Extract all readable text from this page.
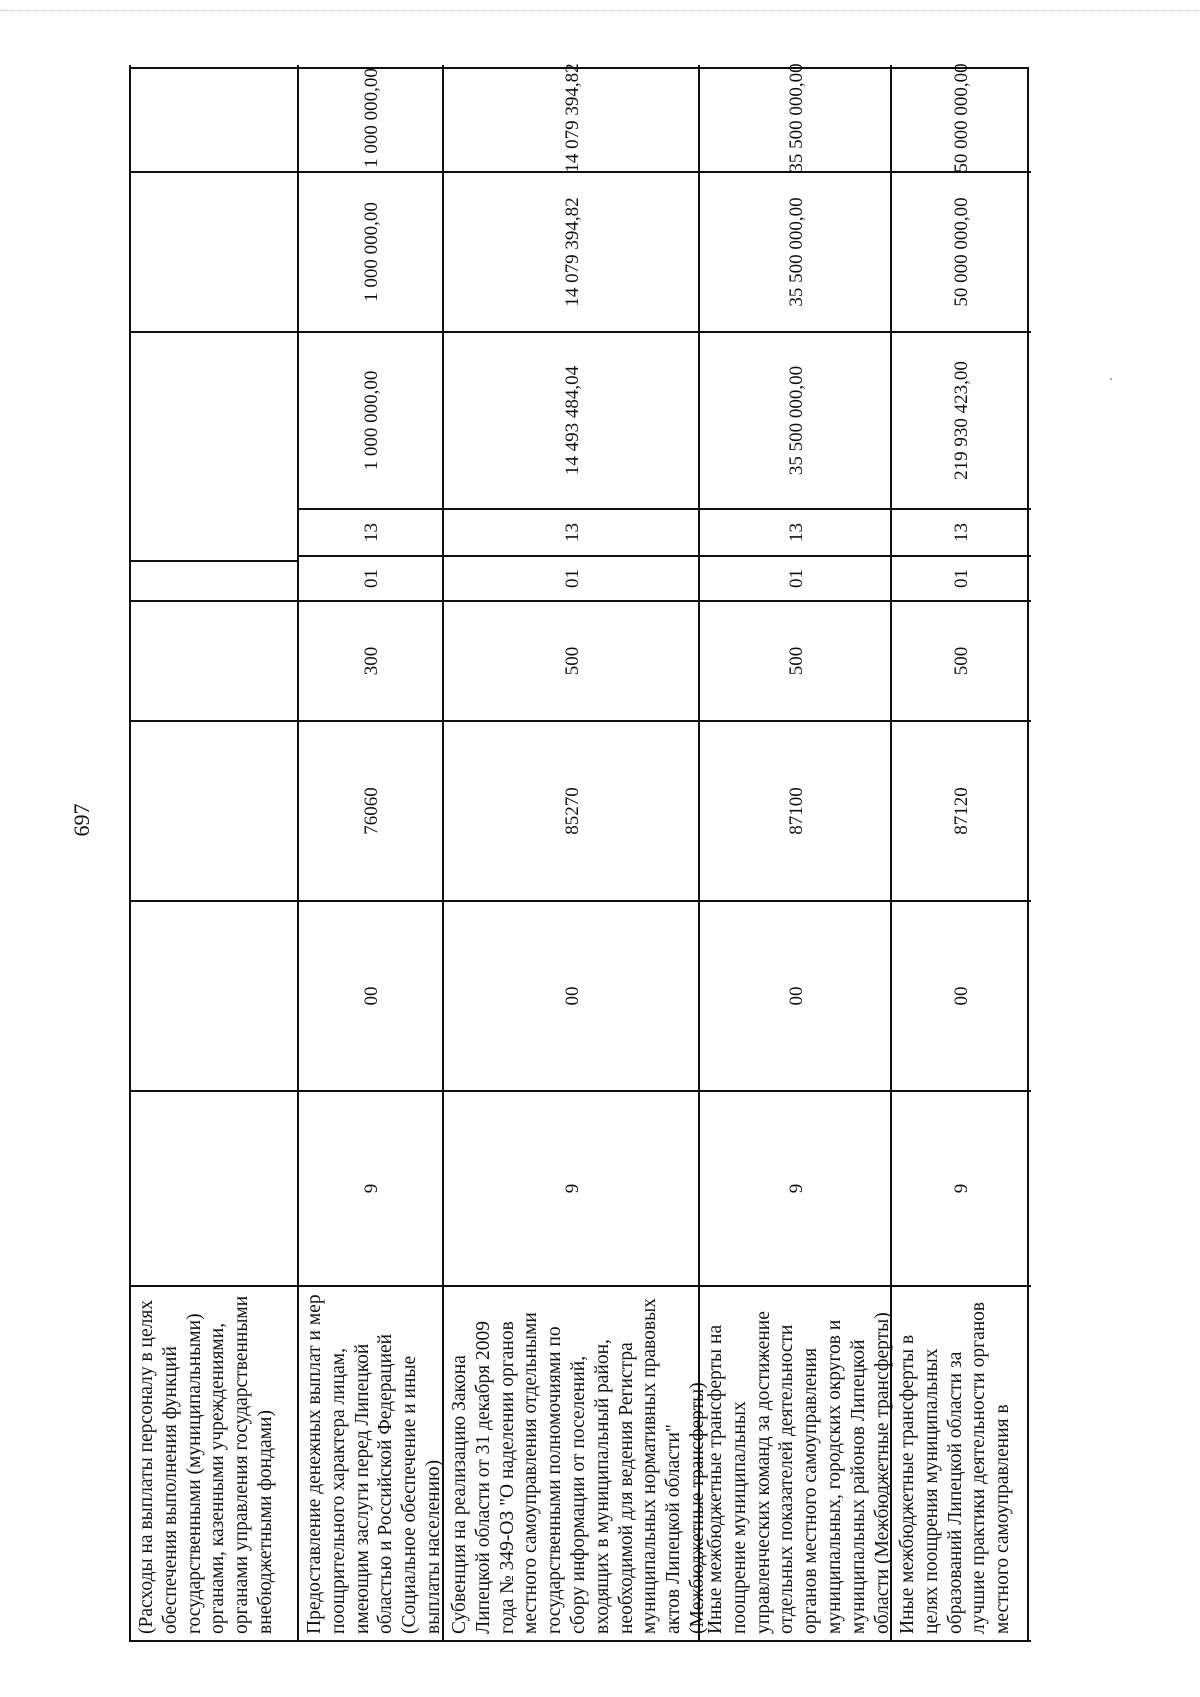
697
(Расходы на выплаты персоналу в целях обеспечения выполнения функций государственными (муниципальными) органами, казенными учреждениями, органами управления государственными внебюджетными фондами)	Предоставление денежных выплат и мер поощрительного характера лицам, имеющим заслуги перед Липецкой областью и Российской Федерацией (Социальное обеспечение и иные выплаты населению)
9
00
76060
300
01
13
1 000 000,00
1 000 000,00
1 000 000,00
Субвенция на реализацию Закона Липецкой области от 31 декабря 2009 года № 349-ОЗ "О наделении органов местного самоуправления отдельными государственными полномочиями по сбору информации от поселений, входящих в муниципальный район, необходимой для ведения Регистра муниципальных нормативных правовых актов Липецкой области" (Межбюджетные трансферты)
9
00
85270
500
01
13
14 493 484,04
14 079 394,82
14 079 394,82
Иные межбюджетные трансферты на поощрение муниципальных управленческих команд за достижение отдельных показателей деятельности органов местного самоуправления муниципальных, городских округов и муниципальных районов Липецкой области (Межбюджетные трансферты)
9
00
87100
500
01
13
35 500 000,00
35 500 000,00
35 500 000,00
Иные межбюджетные трансферты в целях поощрения муниципальных образований Липецкой области за лучшие практики деятельности органов местного самоуправления в
9
00
87120
500
01
13
219 930 423,00
50 000 000,00
50 000 000,00
